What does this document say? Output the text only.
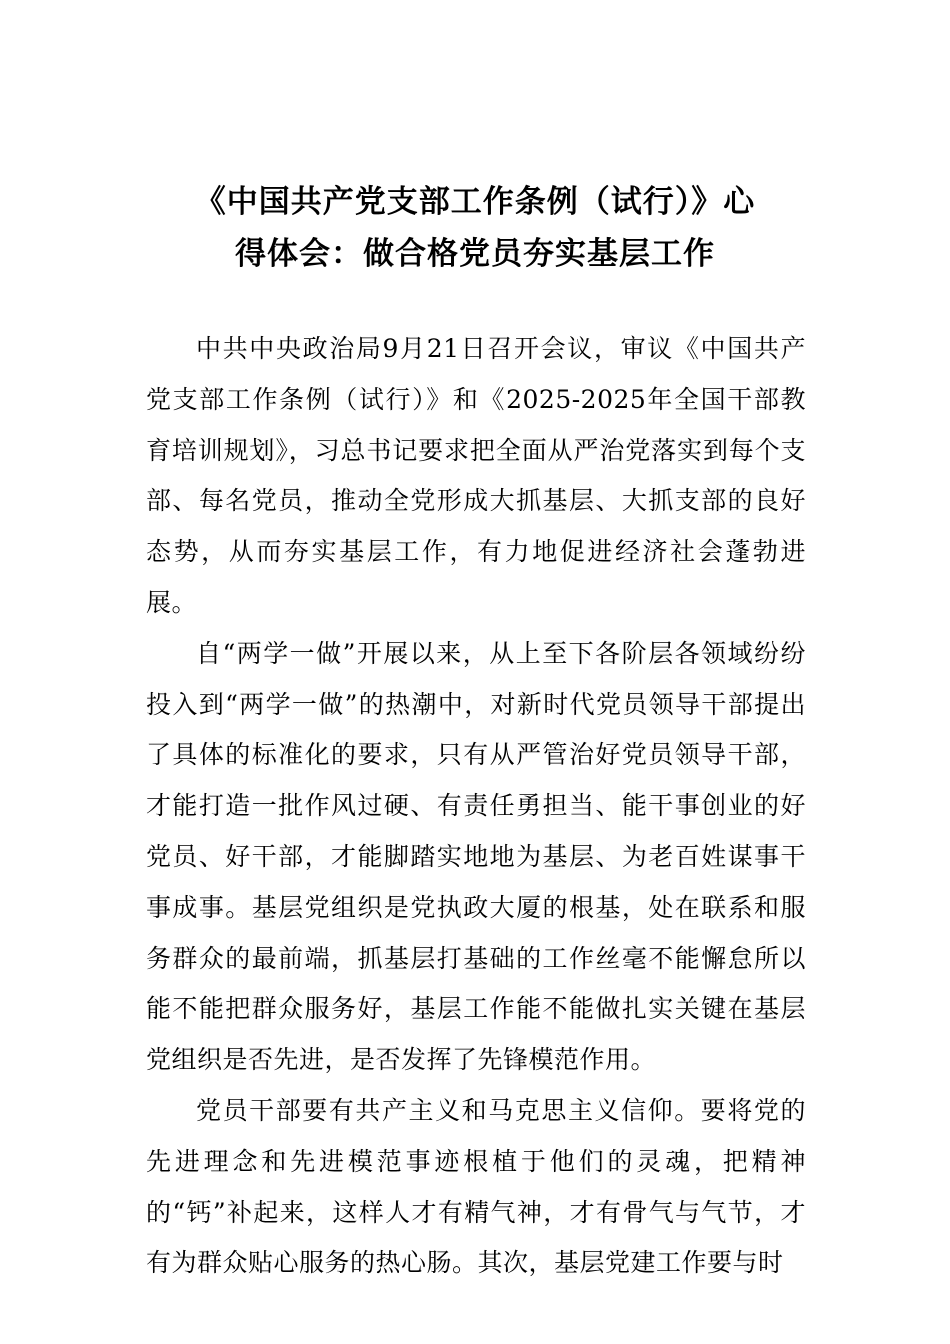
《中国共产党支部工作条例（试行）》心
得体会：做合格党员夯实基层工作

中共中央政治局9月21日召开会议，审议《中国共产党支部工作条例（试行）》和《2025-2025年全国干部教育培训规划》，习总书记要求把全面从严治党落实到每个支部、每名党员，推动全党形成大抓基层、大抓支部的良好态势，从而夯实基层工作，有力地促进经济社会蓬勃进展。

自“两学一做”开展以来，从上至下各阶层各领域纷纷投入到“两学一做”的热潮中，对新时代党员领导干部提出了具体的标准化的要求，只有从严管治好党员领导干部，才能打造一批作风过硬、有责任勇担当、能干事创业的好党员、好干部，才能脚踏实地地为基层、为老百姓谋事干事成事。基层党组织是党执政大厦的根基，处在联系和服务群众的最前端，抓基层打基础的工作丝毫不能懈怠所以能不能把群众服务好，基层工作能不能做扎实关键在基层党组织是否先进，是否发挥了先锋模范作用。

党员干部要有共产主义和马克思主义信仰。要将党的先进理念和先进模范事迹根植于他们的灵魂，把精神的“钙”补起来，这样人才有精气神，才有骨气与气节，才有为群众贴心服务的热心肠。其次，基层党建工作要与时
